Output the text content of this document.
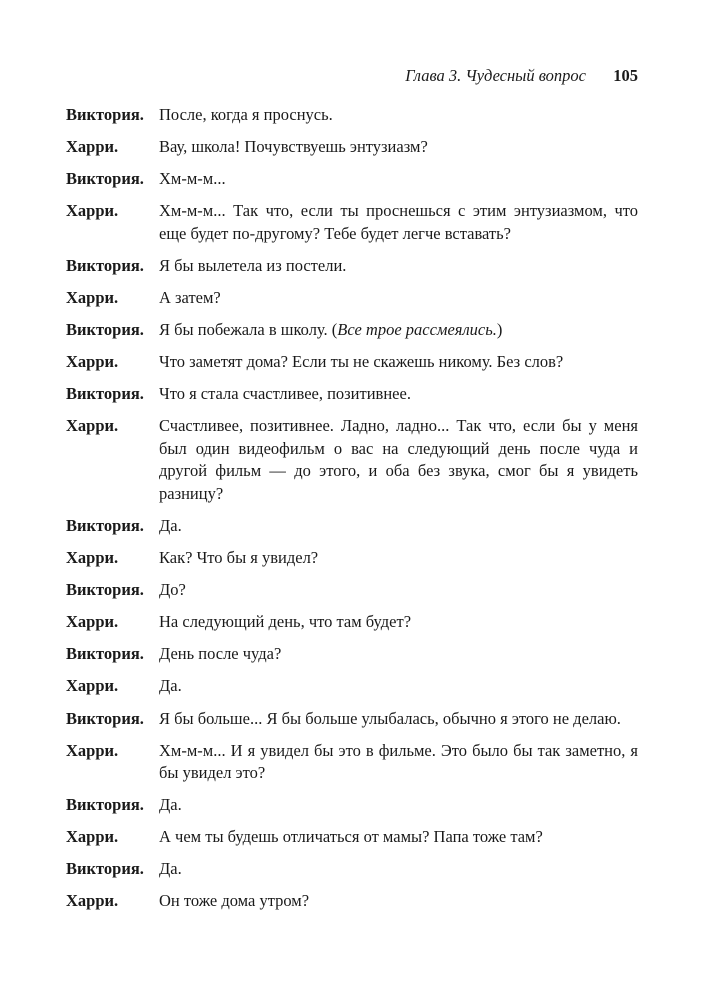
Глава 3. Чудесный вопрос 105
Виктория. После, когда я проснусь.
Харри.	Вау, школа! Почувствуешь энтузиазм?
Виктория. Хм-м-м...
Харри.	Хм-м-м... Так что, если ты проснешься с этим энтузиазмом, что еще будет по-другому? Тебе будет легче вставать?
Виктория. Я бы вылетела из постели.
Харри.	А затем?
Виктория. Я бы побежала в школу. (Все трое рассмеялись.)
Харри.	Что заметят дома? Если ты не скажешь никому. Без слов?
Виктория. Что я стала счастливее, позитивнее.
Харри.	Счастливее, позитивнее. Ладно, ладно... Так что, если бы у меня был один видеофильм о вас на следующий день после чуда и другой фильм — до этого, и оба без звука, смог бы я увидеть разницу?
Виктория. Да.
Харри.	Как? Что бы я увидел?
Виктория. До?
Харри.	На следующий день, что там будет?
Виктория. День после чуда?
Харри.	Да.
Виктория. Я бы больше... Я бы больше улыбалась, обычно я этого не делаю.
Харри.	Хм-м-м... И я увидел бы это в фильме. Это было бы так заметно, я бы увидел это?
Виктория. Да.
Харри.	А чем ты будешь отличаться от мамы? Папа тоже там?
Виктория. Да.
Харри.	Он тоже дома утром?
